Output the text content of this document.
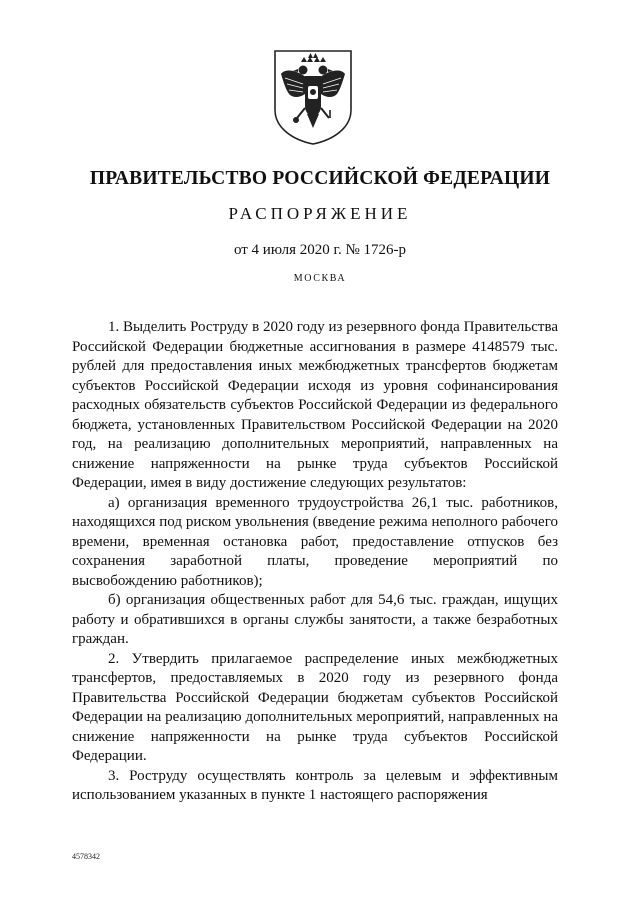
ПРАВИТЕЛЬСТВО РОССИЙСКОЙ ФЕДЕРАЦИИ
РАСПОРЯЖЕНИЕ
от 4 июля 2020 г. № 1726-р
МОСКВА

1. Выделить Роструду в 2020 году из резервного фонда Правительства Российской Федерации бюджетные ассигнования в размере 4148579 тыс. рублей для предоставления иных межбюджетных трансфертов бюджетам субъектов Российской Федерации исходя из уровня софинансирования расходных обязательств субъектов Российской Федерации из федерального бюджета, установленных Правительством Российской Федерации на 2020 год, на реализацию дополнительных мероприятий, направленных на снижение напряженности на рынке труда субъектов Российской Федерации, имея в виду достижение следующих результатов:

а) организация временного трудоустройства 26,1 тыс. работников, находящихся под риском увольнения (введение режима неполного рабочего времени, временная остановка работ, предоставление отпусков без сохранения заработной платы, проведение мероприятий по высвобождению работников);

б) организация общественных работ для 54,6 тыс. граждан, ищущих работу и обратившихся в органы службы занятости, а также безработных граждан.

2. Утвердить прилагаемое распределение иных межбюджетных трансфертов, предоставляемых в 2020 году из резервного фонда Правительства Российской Федерации бюджетам субъектов Российской Федерации на реализацию дополнительных мероприятий, направленных на снижение напряженности на рынке труда субъектов Российской Федерации.

3. Роструду осуществлять контроль за целевым и эффективным использованием указанных в пункте 1 настоящего распоряжения

4578342
